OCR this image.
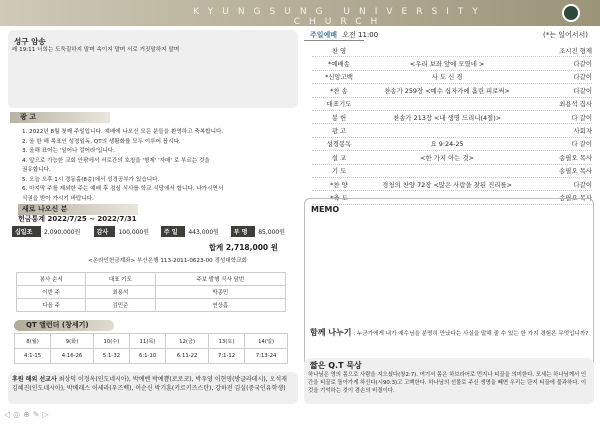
KYUNGSUNG UNIVERSITY CHURCH
성구 암송
레 19:11 너희는 도둑질하지 말며 속이지 말며 서로 거짓말하지 말며
광 고
1. 2022년 8월 첫째 주일입니다. 예배에 나오신 모든 분들을 환영하고 축복합니다.
2. 올 한 해 목표인 성경일독, QT의 생활화를 모두 이루어 봅시다.
3. 올해 표어는 '일어나 걸어라'입니다.
4. 앞으로 가능한 교회 안팎에서 서로간의 호칭을 '형제' '자매' 로 부르는 것을
권유합니다.
5. 오늘 오후 1시 경동홀(8층)에서 성경공부가 있습니다.
6. 마지막 주를 제외한 주는 예배 후 점심 식사를 학교 식당에서 합니다. 나가시면서
식권을 받아 가시기 바랍니다.
새로 나오신 분
헌금통계 2022/7/25 ~ 2022/7/31
십일조	2,090,000원	감사	100,000원	주 일	443,000원	부 명	85,000원
합계 2,718,000 원
<온라인헌금계좌> 부산은행 113-2011-0623-00 경성대학교회
봉사 순서	대표 기도	주보 발행 식사 담번
이번 주	최용석	박종민
다음 주	김민준	연상흠
QT 앨런더 (창세기)
8(월)	9(화)	10(수)	11(목)	12(금)	13(토)	14(일)
4:1-15	4:16-26	5:1-32	6:1-10	6:11-22	7:1-12	7:13-24
후원 해외 선교사 최상덕 이정옥(인도네시아), 박예벤 박예쁨(로로코), 박우영 이현영(방글라데시), 오석재 김혜진(인도네시아), 박베래스 이세라(우즈벡), 이순신 박기훈(키르키즈스탄), 강하전 김실(중국인유학생)
주일예배 오전 11:00	(*는 일어서서)
찬 영	조시진 형제
*예배송	<우리 보좌 앞에 모였네 >	다같이
*신앙고백	사 도 신 경	다같이
*찬 송	찬송가 259장 <예수 십자가에 흘린 피로써>	다같이
대표기도	최용석 집사
봉 헌	찬송가 213장 <내 생명 드리니(4절)>	다 같이
광 고	사회자
성경봉독	요 9:24-25	다 같이
설 교	<한 가지 아는 것>	송필오 목사
기 도	송필오 목사
*찬 양	경청의 찬양 72장 <많은 사람을 찾된 진리를>	다같이
*축 도	송필오 목사
MEMO
함께 나누기 : 누군가에게 내가 예수님을 분명히 만났다는 사실을 말해 줄 수 있는 한 가지 경험은 무엇입니까?
짧은 Q.T 묵상
하나님은 영의 몸으로 사람을 지으셨다(창2:7). 여기서 몸은 하브라어로 먼지나 티끌을 의미한다. 모세는 하나님께서 인간을 티끌로 돌아가게 하신다(시90:3)고 고백한다. 하나님의 선물로 주신 생명을 빼면 우리는 단지 티끌에 불과하다. 이것을 기억하는 것이 겸손의 비결이다.
◁◎⊕✎▷
